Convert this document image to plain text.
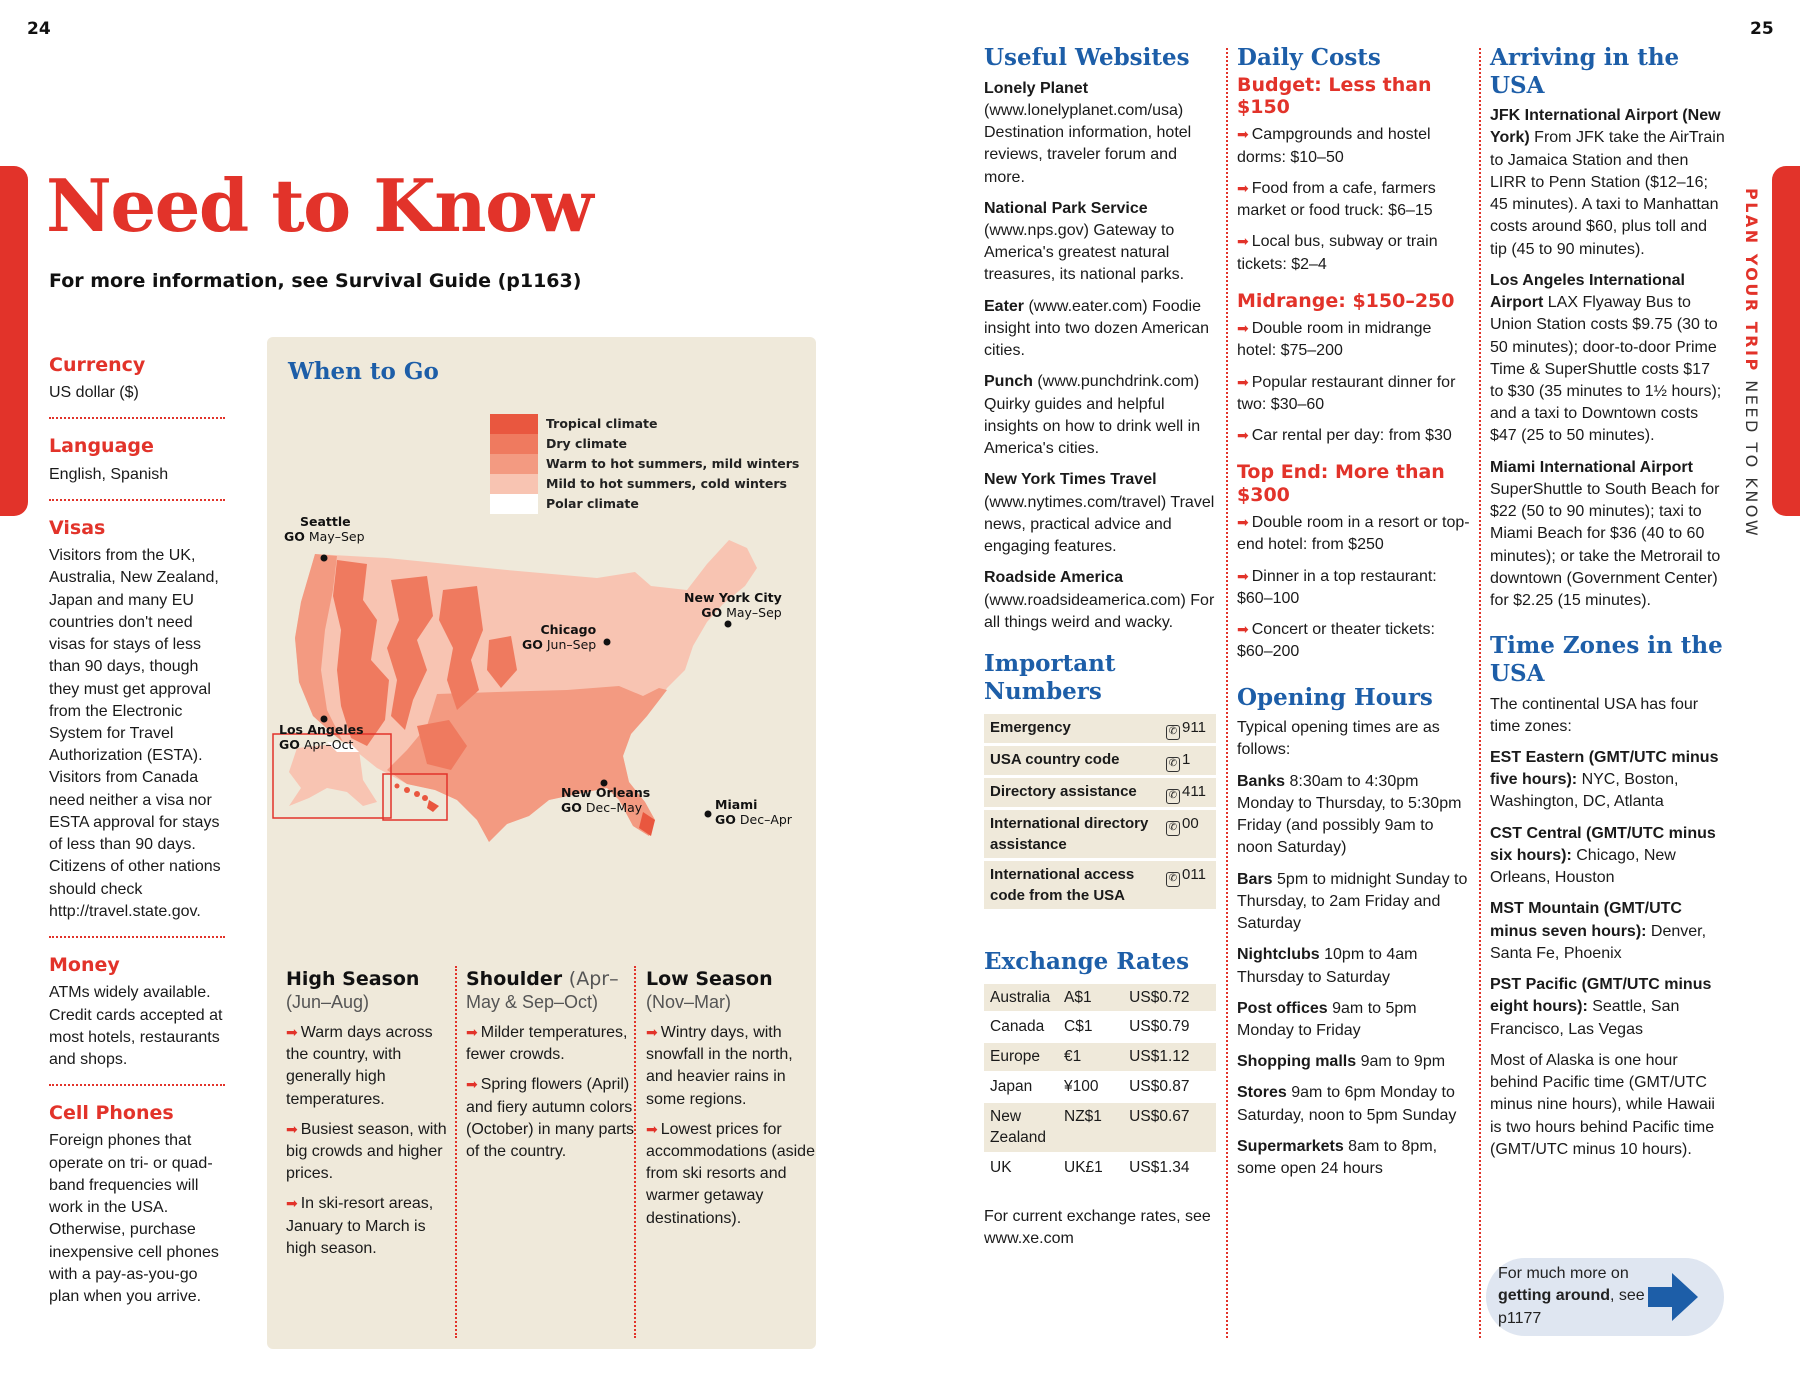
24	25
PLAN YOUR TRIP NEED TO KNOW
Need to Know
For more information, see Survival Guide (p1163)
Currency
US dollar ($)
Language
English, Spanish
Visas
Visitors from the UK, Australia, New Zealand, Japan and many EU countries don't need visas for stays of less than 90 days, though they must get approval from the Electronic System for Travel Authorization (ESTA). Visitors from Canada need neither a visa nor ESTA approval for stays of less than 90 days. Citizens of other nations should check http://travel.state.gov.
Money
ATMs widely available. Credit cards accepted at most hotels, restaurants and shops.
Cell Phones
Foreign phones that operate on tri- or quad-band frequencies will work in the USA. Otherwise, purchase inexpensive cell phones with a pay-as-you-go plan when you arrive.
When to Go
Tropical climate
Dry climate
Warm to hot summers, mild winters
Mild to hot summers, cold winters
Polar climate
Seattle
GO May–Sep
New York City
GO May–Sep
Chicago
GO Jun–Sep
Los Angeles
GO Apr–Oct
New Orleans
GO Dec–May	Miami
GO Dec–Apr
High Season
(Jun–Aug)
➡ Warm days across the country, with generally high temperatures.
➡ Busiest season, with big crowds and higher prices.
➡ In ski-resort areas, January to March is high season.
Shoulder (Apr–
May & Sep–Oct)
➡ Milder temperatures, fewer crowds.
➡ Spring flowers (April) and fiery autumn colors (October) in many parts of the country.
Low Season
(Nov–Mar)
➡ Wintry days, with snowfall in the north, and heavier rains in some regions.
➡ Lowest prices for accommodations (aside from ski resorts and warmer getaway destinations).
Useful Websites
Lonely Planet (www.lonelyplanet.com/usa) Destination information, hotel reviews, traveler forum and more.
National Park Service (www.nps.gov) Gateway to America's greatest natural treasures, its national parks.
Eater (www.eater.com) Foodie insight into two dozen American cities.
Punch (www.punchdrink.com) Quirky guides and helpful insights on how to drink well in America's cities.
New York Times Travel (www.nytimes.com/travel) Travel news, practical advice and engaging features.
Roadside America (www.roadsideamerica.com) For all things weird and wacky.
Important Numbers
Emergency	✆ 911
USA country code	✆ 1
Directory assistance	✆ 411
International directory assistance	✆ 00
International access code from the USA	✆ 011
Exchange Rates
Australia	A$1	US$0.72
Canada	C$1	US$0.79
Europe	€1	US$1.12
Japan	¥100	US$0.87
New Zealand	NZ$1	US$0.67
UK	UK£1	US$1.34
For current exchange rates, see www.xe.com
Daily Costs
Budget: Less than $150
➡ Campgrounds and hostel dorms: $10–50
➡ Food from a cafe, farmers market or food truck: $6–15
➡ Local bus, subway or train tickets: $2–4
Midrange: $150–250
➡ Double room in midrange hotel: $75–200
➡ Popular restaurant dinner for two: $30–60
➡ Car rental per day: from $30
Top End: More than $300
➡ Double room in a resort or top-end hotel: from $250
➡ Dinner in a top restaurant: $60–100
➡ Concert or theater tickets: $60–200
Opening Hours
Typical opening times are as follows:
Banks 8:30am to 4:30pm Monday to Thursday, to 5:30pm Friday (and possibly 9am to noon Saturday)
Bars 5pm to midnight Sunday to Thursday, to 2am Friday and Saturday
Nightclubs 10pm to 4am Thursday to Saturday
Post offices 9am to 5pm Monday to Friday
Shopping malls 9am to 9pm
Stores 9am to 6pm Monday to Saturday, noon to 5pm Sunday
Supermarkets 8am to 8pm, some open 24 hours
Arriving in the USA
JFK International Airport (New York) From JFK take the AirTrain to Jamaica Station and then LIRR to Penn Station ($12–16; 45 minutes). A taxi to Manhattan costs around $60, plus toll and tip (45 to 90 minutes).
Los Angeles International Airport LAX Flyaway Bus to Union Station costs $9.75 (30 to 50 minutes); door-to-door Prime Time & SuperShuttle costs $17 to $30 (35 minutes to 1½ hours); and a taxi to Downtown costs $47 (25 to 50 minutes).
Miami International Airport SuperShuttle to South Beach for $22 (50 to 90 minutes); taxi to Miami Beach for $36 (40 to 60 minutes); or take the Metrorail to downtown (Government Center) for $2.25 (15 minutes).
Time Zones in the USA
The continental USA has four time zones:
EST Eastern (GMT/UTC minus five hours): NYC, Boston, Washington, DC, Atlanta
CST Central (GMT/UTC minus six hours): Chicago, New Orleans, Houston
MST Mountain (GMT/UTC minus seven hours): Denver, Santa Fe, Phoenix
PST Pacific (GMT/UTC minus eight hours): Seattle, San Francisco, Las Vegas
Most of Alaska is one hour behind Pacific time (GMT/UTC minus nine hours), while Hawaii is two hours behind Pacific time (GMT/UTC minus 10 hours).
For much more on getting around, see p1177
